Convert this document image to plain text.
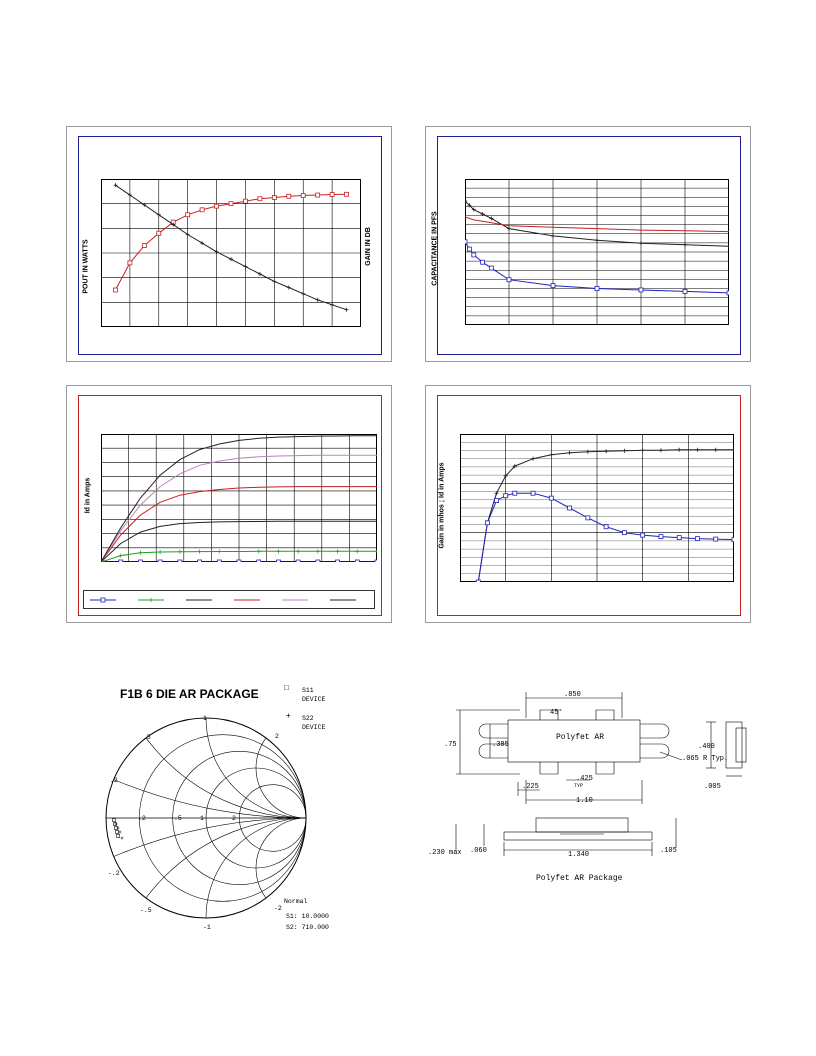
POUT IN WATTS	GAIN IN DB	CAPACITANCE IN PFS
Id in Amps	Gain in mhos ; Id in Amps
F1B 6 DIE AR PACKAGE	□ S11
DEVICE
+ S22
DEVICE
1
.5	2
.2
.2	.5	1	2
-.2
-.5
-1
-2
Normal
S1: 10.0000
S2: 710.000
.850
45°
.75	.385
Polyfet AR
.065 R Typ.
.425
TYP
.225
1.10
.400
.005
1.340
.060	.105
.230 max
Polyfet AR Package
